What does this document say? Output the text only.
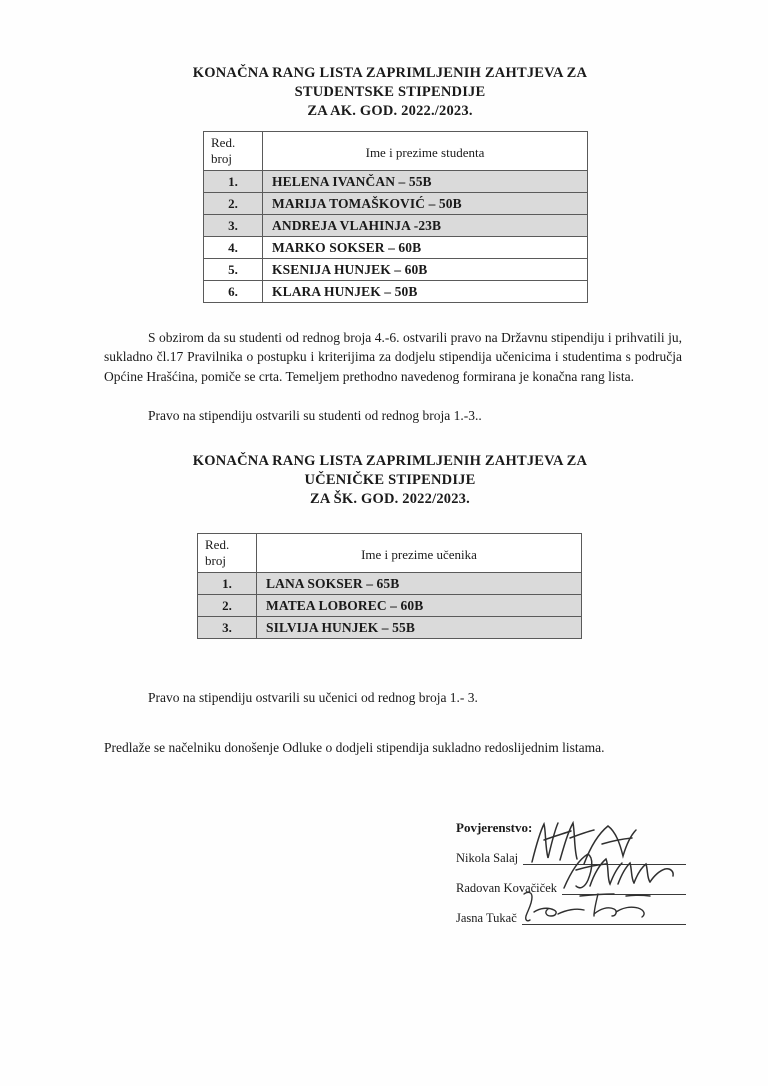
KONAČNA RANG LISTA ZAPRIMLJENIH ZAHTJEVA ZA
STUDENTSKE STIPENDIJE
ZA AK. GOD. 2022./2023.
Red.
broj	Ime i prezime studenta
1.	HELENA IVANČAN – 55B
2.	MARIJA TOMAŠKOVIĆ – 50B
3.	ANDREJA VLAHINJA -23B
4.	MARKO SOKSER – 60B
5.	KSENIJA HUNJEK – 60B
6.	KLARA HUNJEK – 50B

S obzirom da su studenti od rednog broja 4.-6. ostvarili pravo na Državnu stipendiju i prihvatili ju, sukladno čl.17 Pravilnika o postupku i kriterijima za dodjelu stipendija učenicima i studentima s područja Općine Hrašćina, pomiče se crta. Temeljem prethodno navedenog formirana je konačna rang lista.

Pravo na stipendiju ostvarili su studenti od rednog broja 1.-3..

KONAČNA RANG LISTA ZAPRIMLJENIH ZAHTJEVA ZA
UČENIČKE STIPENDIJE
ZA ŠK. GOD. 2022/2023.
Red.
broj	Ime i prezime učenika
1.	LANA SOKSER – 65B
2.	MATEA LOBOREC – 60B
3.	SILVIJA HUNJEK – 55B

Pravo na stipendiju ostvarili su učenici od rednog broja 1.- 3.

Predlaže se načelniku donošenje Odluke o dodjeli stipendija sukladno redoslijednim listama.

Povjerenstvo:
Nikola Salaj
Radovan Kovačiček
Jasna Tukač
